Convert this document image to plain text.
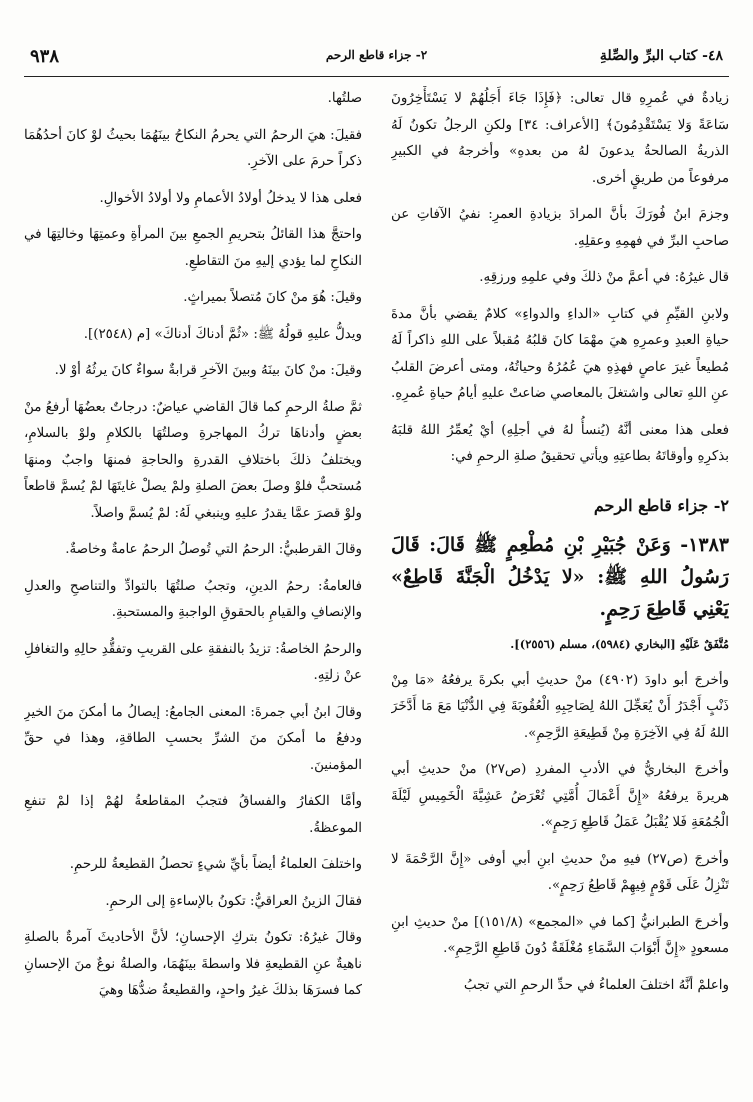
٤٨- كتاب البرِّ والصِّلةِ
٢- جزاء قاطع الرحم
٩٣٨

زيادةٌ في عُمرِهِ قال تعالى: ﴿فَإِذَا جَاءَ أَجَلُهُمْ لا يَسْتَأْخِرُونَ سَاعَةً وَلا يَسْتَقْدِمُونَ﴾ [الأعراف: ٣٤] ولكنِ الرجلُ تكونُ لَهُ الذريةُ الصالحةُ يدعونَ لهُ من بعدهِ» وأخرجهُ في الكبيرِ مرفوعاً من طريقٍ أخرى.

وجزمَ ابنُ فُورَكَ بأنَّ المرادَ بزيادةِ العمرِ: نفيُ الآفاتِ عن صاحبِ البرِّ في فهمِهِ وعقلِهِ.

قال غيرُهُ: في أعمَّ منْ ذلكَ وفي علمِهِ ورزقِهِ.

ولابنِ القيِّمِ في كتابِ «الداءِ والدواءِ» كلامٌ يقضي بأنَّ مدةَ حياةِ العبدِ وعمرِهِ هيَ مهْمَا كانَ قلبُهُ مُقبلاً على اللهِ ذاكراً لَهُ مُطيعاً غيرَ عاصٍ فهذِهِ هيَ عُمُرُهُ وحياتُهُ، ومتى أعرضَ القلبُ عنِ اللهِ تعالى واشتغلَ بالمعاصي ضاعتْ عليهِ أيامُ حياةِ عُمرِهِ.

فعلى هذا معنى أنَّهُ (يُنسأُ لهُ في أجلِهِ) أيْ يُعمِّرُ اللهُ قلبَهُ بذكرِهِ وأوقاتَهُ بطاعتِهِ ويأتي تحقيقُ صلةِ الرحمِ في:

٢- جزاء قاطع الرحم
١٣٨٣- وَعَنْ جُبَيْرِ بْنِ مُطْعِمٍ ﷺ قَالَ: قَالَ رَسُولُ اللهِ ﷺ: «لا يَدْخُلُ الْجَنَّةَ قَاطِعٌ» يَعْنِي قَاطِعَ رَحِمٍ.
مُتَّفَقٌ عَلَيْهِ [البخاري (٥٩٨٤)، مسلم (٢٥٥٦)].

وأخرجَ أبو داودَ (٤٩٠٢) منْ حديثِ أبي بكرةَ يرفعُهُ «مَا مِنْ ذَنْبٍ أَجْدَرُ أَنْ يُعَجِّلَ اللهُ لِصَاحِبِهِ الْعُقُوبَةَ فِي الدُّنْيَا مَعَ مَا أَدَّخَرَ اللهُ لَهُ فِي الآخِرَةِ مِنْ قَطِيعَةِ الرَّحِمِ».

وأخرجَ البخاريُّ في الأدبِ المفردِ (ص٢٧) منْ حديثِ أبي هريرةَ يرفعُهُ «إِنَّ أَعْمَالَ أُمَّتِي تُعْرَضُ عَشِيَّةَ الْخَمِيسِ لَيْلَةَ الْجُمُعَةِ فَلا يُقْبَلُ عَمَلُ قَاطِعِ رَحِمٍ».

وأخرجَ (ص٢٧) فيهِ منْ حديثِ ابنِ أبي أوفى «إِنَّ الرَّحْمَةَ لا تَنْزِلُ عَلَى قَوْمٍ فِيهِمْ قَاطِعُ رَحِمٍ».

وأخرجَ الطبرانيُّ [كما في «المجمع» (١٥١/٨)] منْ حديثِ ابنِ مسعودٍ «إِنَّ أَبْوَابَ السَّمَاءِ مُغْلَقَةٌ دُونَ قَاطِعِ الرَّحِمِ».

واعلمْ أنَّهُ اختلفَ العلماءُ في حدِّ الرحمِ التي تجبُ

صلتُها.

فقيلَ: هيَ الرحمُ التي يحرمُ النكاحُ بينَهُمَا بحيثُ لوْ كانَ أحدُهُمَا ذكراً حرمَ على الآخرِ.

فعلى هذا لا يدخلُ أولادُ الأعمامِ ولا أولادُ الأخوالِ.

واحتجَّ هذا القائلُ بتحريمِ الجمعِ بينَ المرأةِ وعمتِهَا وخالتِهَا في النكاحِ لما يؤدي إليهِ منَ التقاطعِ.

وقيلَ: هُوَ منْ كانَ مُتصلاً بميراثٍ.

ويدلُّ عليهِ قولُهُ ﷺ: «ثُمَّ أدناكَ أدناكَ» [م (٢٥٤٨)].

وقيلَ: منْ كانَ بينَهُ وبينَ الآخرِ قرابةٌ سواءٌ كانَ يرثُهُ أوْ لا.

ثمَّ صلةُ الرحمِ كما قالَ القاضي عياضٌ: درجاتٌ بعضُهَا أرفعُ منْ بعضٍ وأدناهَا تركُ المهاجرةِ وصلتُهَا بالكلامِ ولوْ بالسلامِ، ويختلفُ ذلكَ باختلافِ القدرةِ والحاجةِ فمنهَا واجبٌ ومنهَا مُستحبٌّ فلوْ وصلَ بعضَ الصلةِ ولمْ يصلْ غايتَهَا لمْ يُسمَّ قاطعاً ولوْ قصرَ عمَّا يقدرُ عليهِ وينبغي لَهُ: لمْ يُسمَّ واصلاً.

وقالَ القرطبيُّ: الرحمُ التي تُوصلُ الرحمُ عامةٌ وخاصةٌ.

فالعامةُ: رحمُ الدينِ، وتجبُ صلتُهَا بالتوادِّ والتناصحِ والعدلِ والإنصافِ والقيامِ بالحقوقِ الواجبةِ والمستحبةِ.

والرحمُ الخاصةُ: تزيدُ بالنفقةِ على القريبِ وتفقُّدِ حالِهِ والتغافلِ عنْ زلتِهِ.

وقالَ ابنُ أبي جمرةَ: المعنى الجامعُ: إيصالُ ما أمكنَ منَ الخيرِ ودفعُ ما أمكنَ منَ الشرِّ بحسبِ الطاقةِ، وهذا في حقِّ المؤمنينَ.

وأمَّا الكفارُ والفساقُ فتجبُ المقاطعةُ لهُمْ إذا لمْ تنفعِ الموعظةُ.

واختلفَ العلماءُ أيضاً بأيِّ شيءٍ تحصلُ القطيعةُ للرحمِ.

فقالَ الزينُ العراقيُّ: تكونُ بالإساءةِ إلى الرحمِ.

وقالَ غيرُهُ: تكونُ بتركِ الإحسانِ؛ لأنَّ الأحاديثَ آمرةٌ بالصلةِ ناهيةٌ عنِ القطيعةِ فلا واسطةَ بينَهُمَا، والصلةُ نوعٌ منَ الإحسانِ كما فسرَهَا بذلكَ غيرُ واحدٍ، والقطيعةُ ضدُّهَا وهيَ
